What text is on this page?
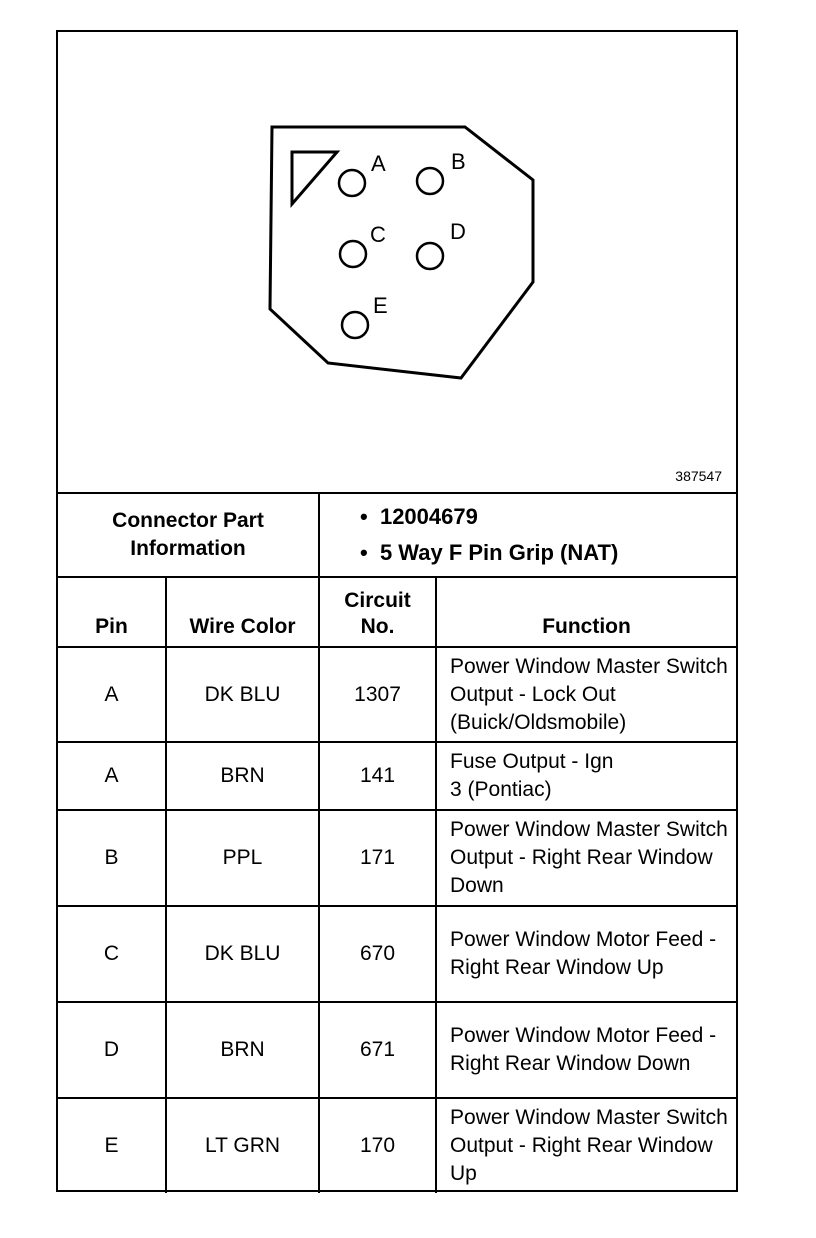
A	B
C	D
E
387547
Connector Part Information		•  12004679
•  5 Way F Pin Grip (NAT)	

Pin	Wire Color	Circuit No.	Function
A	DK BLU	1307	Power Window Master Switch Output - Lock Out (Buick/Oldsmobile)
A	BRN	141	Fuse Output - Ign 3 (Pontiac)
B	PPL	171	Power Window Master Switch Output - Right Rear Window Down
C	DK BLU	670	Power Window Motor Feed - Right Rear Window Up
D	BRN	671	Power Window Motor Feed - Right Rear Window Down
E	LT GRN	170	Power Window Master Switch Output - Right Rear Window Up
